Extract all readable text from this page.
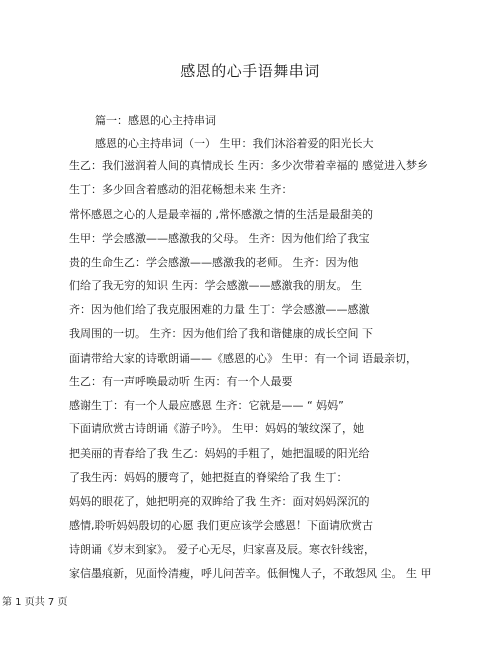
感恩的心手语舞串词
篇一：感恩的心主持串词
感恩的心主持串词（一） 生甲：我们沐浴着爱的阳光长大
生乙：我们滋润着人间的真情成长 生丙：多少次带着幸福的 感觉进入梦乡
生丁：多少回含着感动的泪花畅想未来 生齐：
常怀感恩之心的人是最幸福的 ,常怀感激之情的生活是最甜美的
生甲：学会感激——感激我的父母。 生齐：因为他们给了我宝
贵的生命生乙：学会感激——感激我的老师。 生齐：因为他
们给了我无穷的知识 生丙：学会感激——感激我的朋友。 生
齐：因为他们给了我克服困难的力量 生丁：学会感激——感激
我周围的一切。 生齐：因为他们给了我和谐健康的成长空间 下
面请带给大家的诗歌朗诵——《感恩的心》 生甲：有一个词 语最亲切，
生乙：有一声呼唤最动听 生丙：有一个人最要
感谢生丁：有一个人最应感恩 生齐：它就是—— “ 妈妈”
下面请欣赏古诗朗诵《游子吟》。 生甲：妈妈的皱纹深了，她
把美丽的青春给了我 生乙：妈妈的手粗了，她把温暖的阳光给
了我生丙：妈妈的腰弯了，她把挺直的脊梁给了我 生丁：
妈妈的眼花了，她把明亮的双眸给了我 生齐：面对妈妈深沉的
感情,聆听妈妈殷切的心愿 我们更应该学会感恩！下面请欣赏古
诗朗诵《岁末到家》。 爱子心无尽，归家喜及辰。寒衣针线密，
家信墨痕新，见面怜清瘦，呼儿问苦辛。低徊愧人子，不敢怨风 尘。 生 甲
第 1 页共 7 页
